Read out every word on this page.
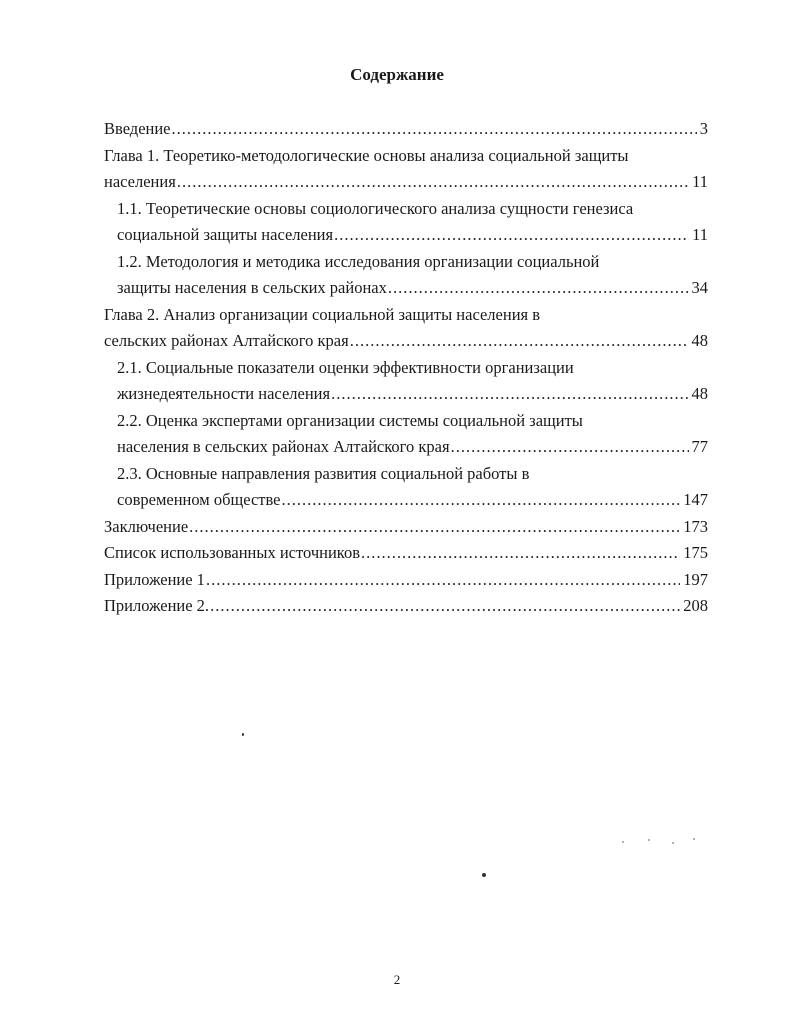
Содержание
Введение .....	3
Глава 1. Теоретико-методологические основы анализа социальной защиты
населения .....	11
1.1. Теоретические основы социологического анализа сущности генезиса
социальной защиты населения .....	11
1.2. Методология и методика исследования организации социальной
защиты населения в сельских районах .....	34
Глава 2. Анализ организации социальной защиты населения в
сельских районах Алтайского края .....	48
2.1. Социальные показатели оценки эффективности организации
жизнедеятельности населения .....	48
2.2. Оценка экспертами организации системы социальной защиты
населения в сельских районах Алтайского края .....	77
2.3. Основные направления развития социальной работы в
современном обществе .....	147
Заключение .....	173
Список использованных источников .....	175
Приложение 1 .....	197
Приложение 2. .....	208
2
